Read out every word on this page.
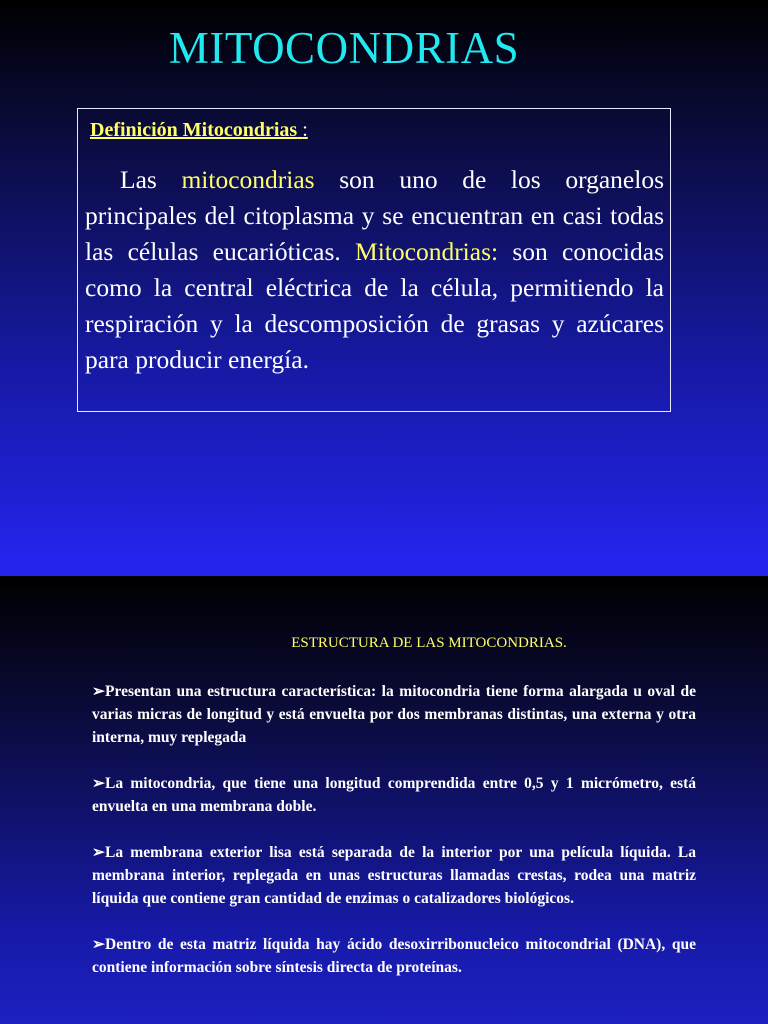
MITOCONDRIAS
Definición Mitocondrias :

Las mitocondrias son uno de los organelos principales del citoplasma y se encuentran en casi todas las células eucarióticas. Mitocondrias: son conocidas como la central eléctrica de la célula, permitiendo la respiración y la descomposición de grasas y azúcares para producir energía.

ESTRUCTURA DE LAS MITOCONDRIAS.

➢Presentan una estructura característica: la mitocondria tiene forma alargada u oval de varias micras de longitud y está envuelta por dos membranas distintas, una externa y otra interna, muy replegada

➢La mitocondria, que tiene una longitud comprendida entre 0,5 y 1 micrómetro, está envuelta en una membrana doble.

➢La membrana exterior lisa está separada de la interior por una película líquida. La membrana interior, replegada en unas estructuras llamadas crestas, rodea una matriz líquida que contiene gran cantidad de enzimas o catalizadores biológicos.

➢Dentro de esta matriz líquida hay ácido desoxirribonucleico mitocondrial (DNA), que contiene información sobre síntesis directa de proteínas.
